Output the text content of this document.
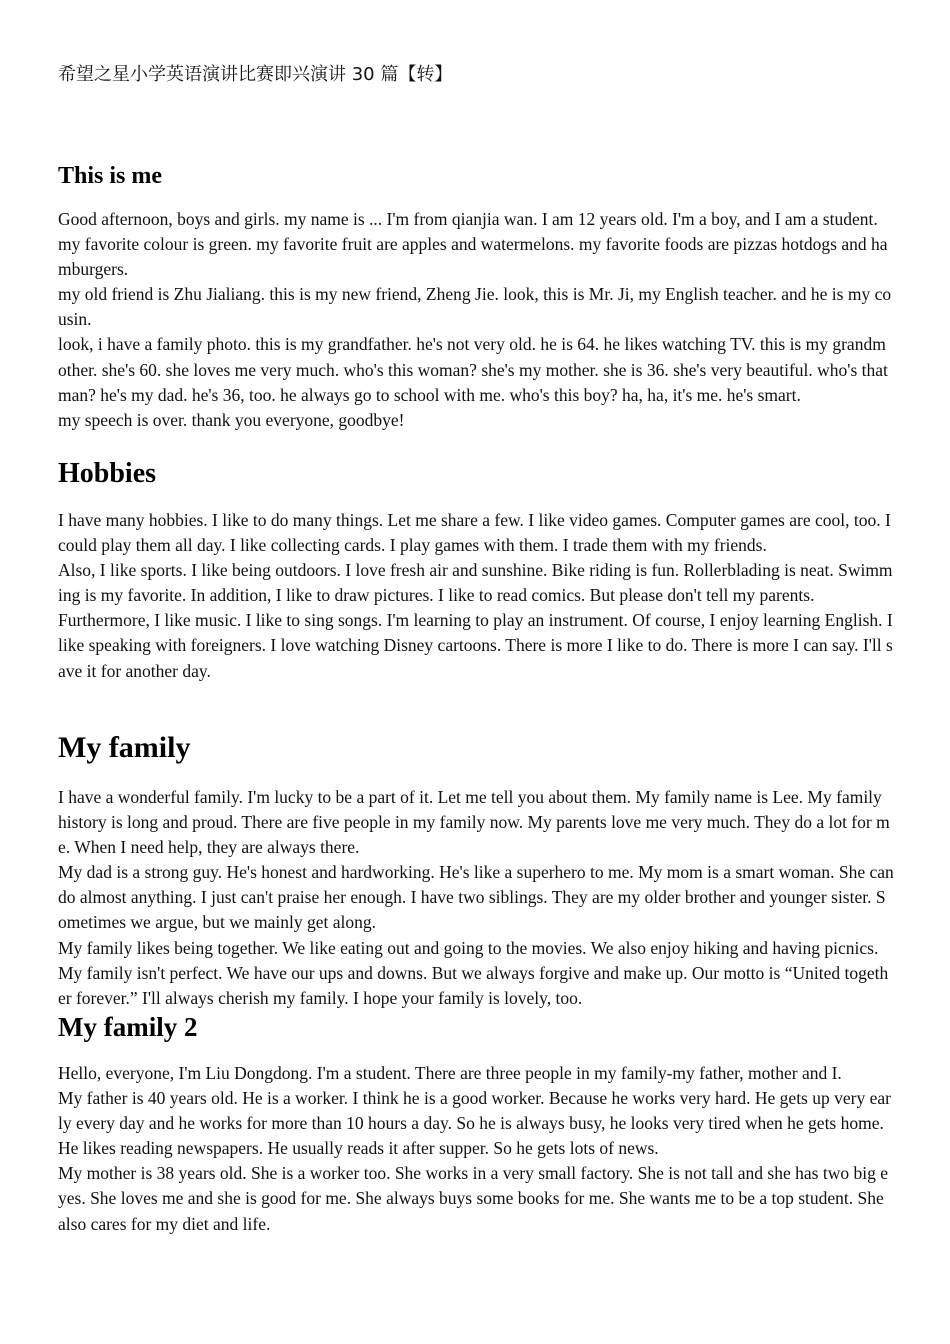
希望之星小学英语演讲比赛即兴演讲 30 篇【转】
This is me

Good afternoon, boys and girls. my name is ... I'm from qianjia wan. I am 12 years old. I'm a boy, and I am a student. my favorite colour is green. my favorite fruit are apples and watermelons. my favorite foods are pizzas hotdogs and hamburgers.

my old friend is Zhu Jialiang. this is my new friend, Zheng Jie. look, this is Mr. Ji, my English teacher. and he is my cousin.

look, i have a family photo. this is my grandfather. he's not very old. he is 64. he likes watching TV. this is my grandmother. she's 60. she loves me very much. who's this woman? she's my mother. she is 36. she's very beautiful. who's that man? he's my dad. he's 36, too. he always go to school with me. who's this boy? ha, ha, it's me. he's smart.

my speech is over. thank you everyone, goodbye!

Hobbies

I have many hobbies. I like to do many things. Let me share a few. I like video games. Computer games are cool, too. I could play them all day. I like collecting cards. I play games with them. I trade them with my friends.

Also, I like sports. I like being outdoors. I love fresh air and sunshine. Bike riding is fun. Rollerblading is neat. Swimming is my favorite. In addition, I like to draw pictures. I like to read comics. But please don't tell my parents.

Furthermore, I like music. I like to sing songs. I'm learning to play an instrument. Of course, I enjoy learning English. I like speaking with foreigners. I love watching Disney cartoons. There is more I like to do. There is more I can say. I'll save it for another day.

My family

I have a wonderful family. I'm lucky to be a part of it. Let me tell you about them. My family name is Lee. My family history is long and proud. There are five people in my family now. My parents love me very much. They do a lot for me. When I need help, they are always there.

My dad is a strong guy. He's honest and hardworking. He's like a superhero to me. My mom is a smart woman. She can do almost anything. I just can't praise her enough. I have two siblings. They are my older brother and younger sister. Sometimes we argue, but we mainly get along.

My family likes being together. We like eating out and going to the movies. We also enjoy hiking and having picnics. My family isn't perfect. We have our ups and downs. But we always forgive and make up. Our motto is “United together forever.” I'll always cherish my family. I hope your family is lovely, too.

My family 2

Hello, everyone, I'm Liu Dongdong. I'm a student. There are three people in my family-my father, mother and I.

My father is 40 years old. He is a worker. I think he is a good worker. Because he works very hard. He gets up very early every day and he works for more than 10 hours a day. So he is always busy, he looks very tired when he gets home. He likes reading newspapers. He usually reads it after supper. So he gets lots of news.

My mother is 38 years old. She is a worker too. She works in a very small factory. She is not tall and she has two big eyes. She loves me and she is good for me. She always buys some books for me. She wants me to be a top student. She also cares for my diet and life.
